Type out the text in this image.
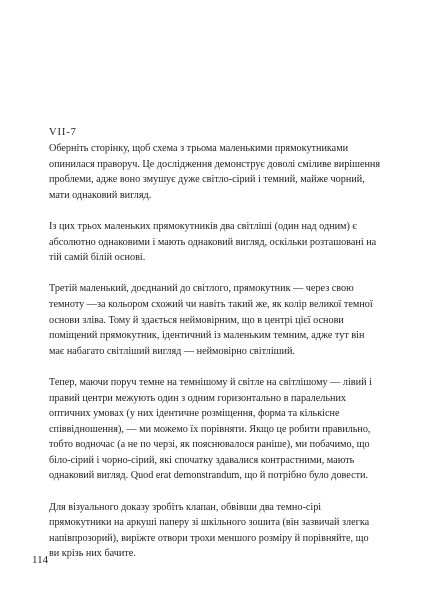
VII-7

Оберніть сторінку, щоб схема з трьома маленькими прямокутниками опинилася праворуч. Це дослідження демонструє доволі сміливе вирішення проблеми, адже воно змушує дуже світло-сірий і темний, майже чорний, мати однаковий вигляд.

Із цих трьох маленьких прямокутників два світліші (один над одним) є абсолютно однаковими і мають однаковий вигляд, оскільки розташовані на тій самій білій основі.

Третій маленький, доєднаний до світлого, прямокутник — через свою темноту —за кольором схожий чи навіть такий же, як колір великої темної основи зліва. Тому й здається неймовірним, що в центрі цієї основи поміщений прямокутник, ідентичний із маленьким темним, адже тут він має набагато світліший вигляд — неймовірно світліший.

Тепер, маючи поруч темне на темнішому й світле на світлішому — лівий і правий центри межують один з одним горизонтально в паралельних оптичних умовах (у них ідентичне розміщення, форма та кількісне співвідношення), — ми можемо їх порівняти. Якщо це робити правильно, тобто водночас (а не по черзі, як пояснювалося раніше), ми побачимо, що біло-сірий і чорно-сірий, які спочатку здавалися контрастними, мають однаковий вигляд. Quod erat demonstrandum, що й потрібно було довести.

Для візуального доказу зробіть клапан, обвівши два темно-сірі прямокутники на аркуші паперу зі шкільного зошита (він зазвичай злегка напівпрозорий), виріжте отвори трохи меншого розміру й порівняйте, що ви крізь них бачите.

114
